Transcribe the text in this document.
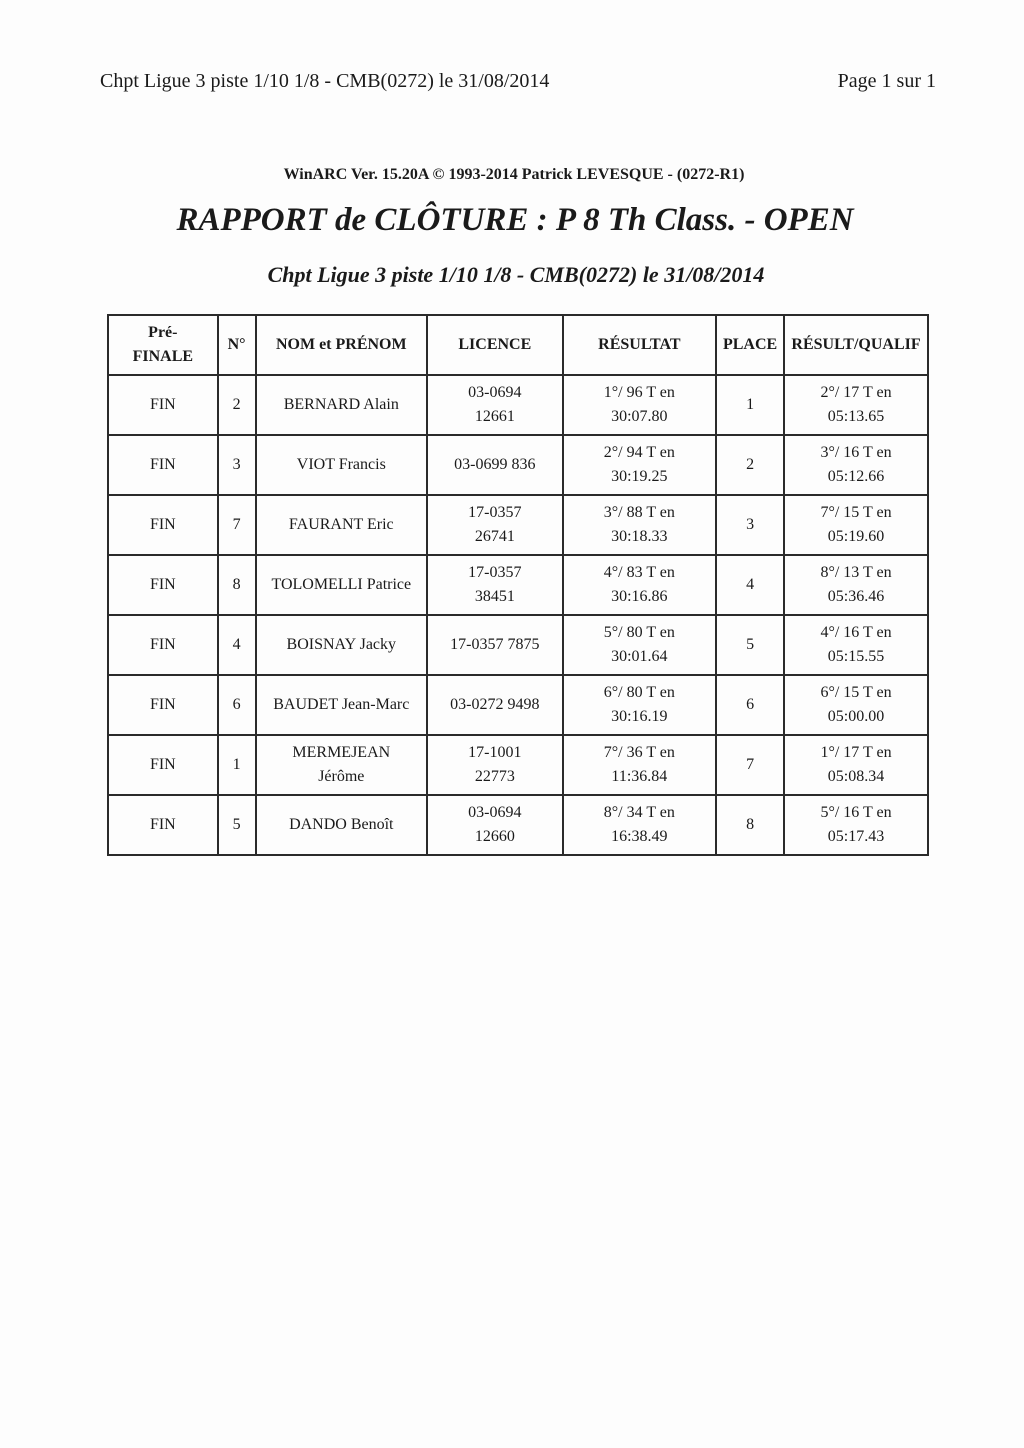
Chpt Ligue 3 piste 1/10 1/8 - CMB(0272) le 31/08/2014	Page 1 sur 1
WinARC Ver. 15.20A © 1993-2014 Patrick LEVESQUE - (0272-R1)
RAPPORT de CLÔTURE : P 8 Th Class. - OPEN
Chpt Ligue 3 piste 1/10 1/8 - CMB(0272) le 31/08/2014
Pré-
FINALE	N°	NOM et PRÉNOM	LICENCE	RÉSULTAT	PLACE	RÉSULT/QUALIF
FIN	2	BERNARD Alain	03-0694
12661	1°/ 96 T en
30:07.80	1	2°/ 17 T en
05:13.65

FIN	3	VIOT Francis	03-0699 836	2°/ 94 T en
30:19.25	2	3°/ 16 T en
05:12.66

FIN	7	FAURANT Eric	17-0357
26741	3°/ 88 T en
30:18.33	3	7°/ 15 T en
05:19.60

FIN	8	TOLOMELLI Patrice	17-0357
38451	4°/ 83 T en
30:16.86	4	8°/ 13 T en
05:36.46

FIN	4	BOISNAY Jacky	17-0357 7875	5°/ 80 T en
30:01.64	5	4°/ 16 T en
05:15.55

FIN	6	BAUDET Jean-Marc	03-0272 9498	6°/ 80 T en
30:16.19	6	6°/ 15 T en
05:00.00

FIN	1	MERMEJEAN
Jérôme	17-1001
22773	7°/ 36 T en
11:36.84	7	1°/ 17 T en
05:08.34

FIN	5	DANDO Benoît	03-0694
12660	8°/ 34 T en
16:38.49	8	5°/ 16 T en
05:17.43
